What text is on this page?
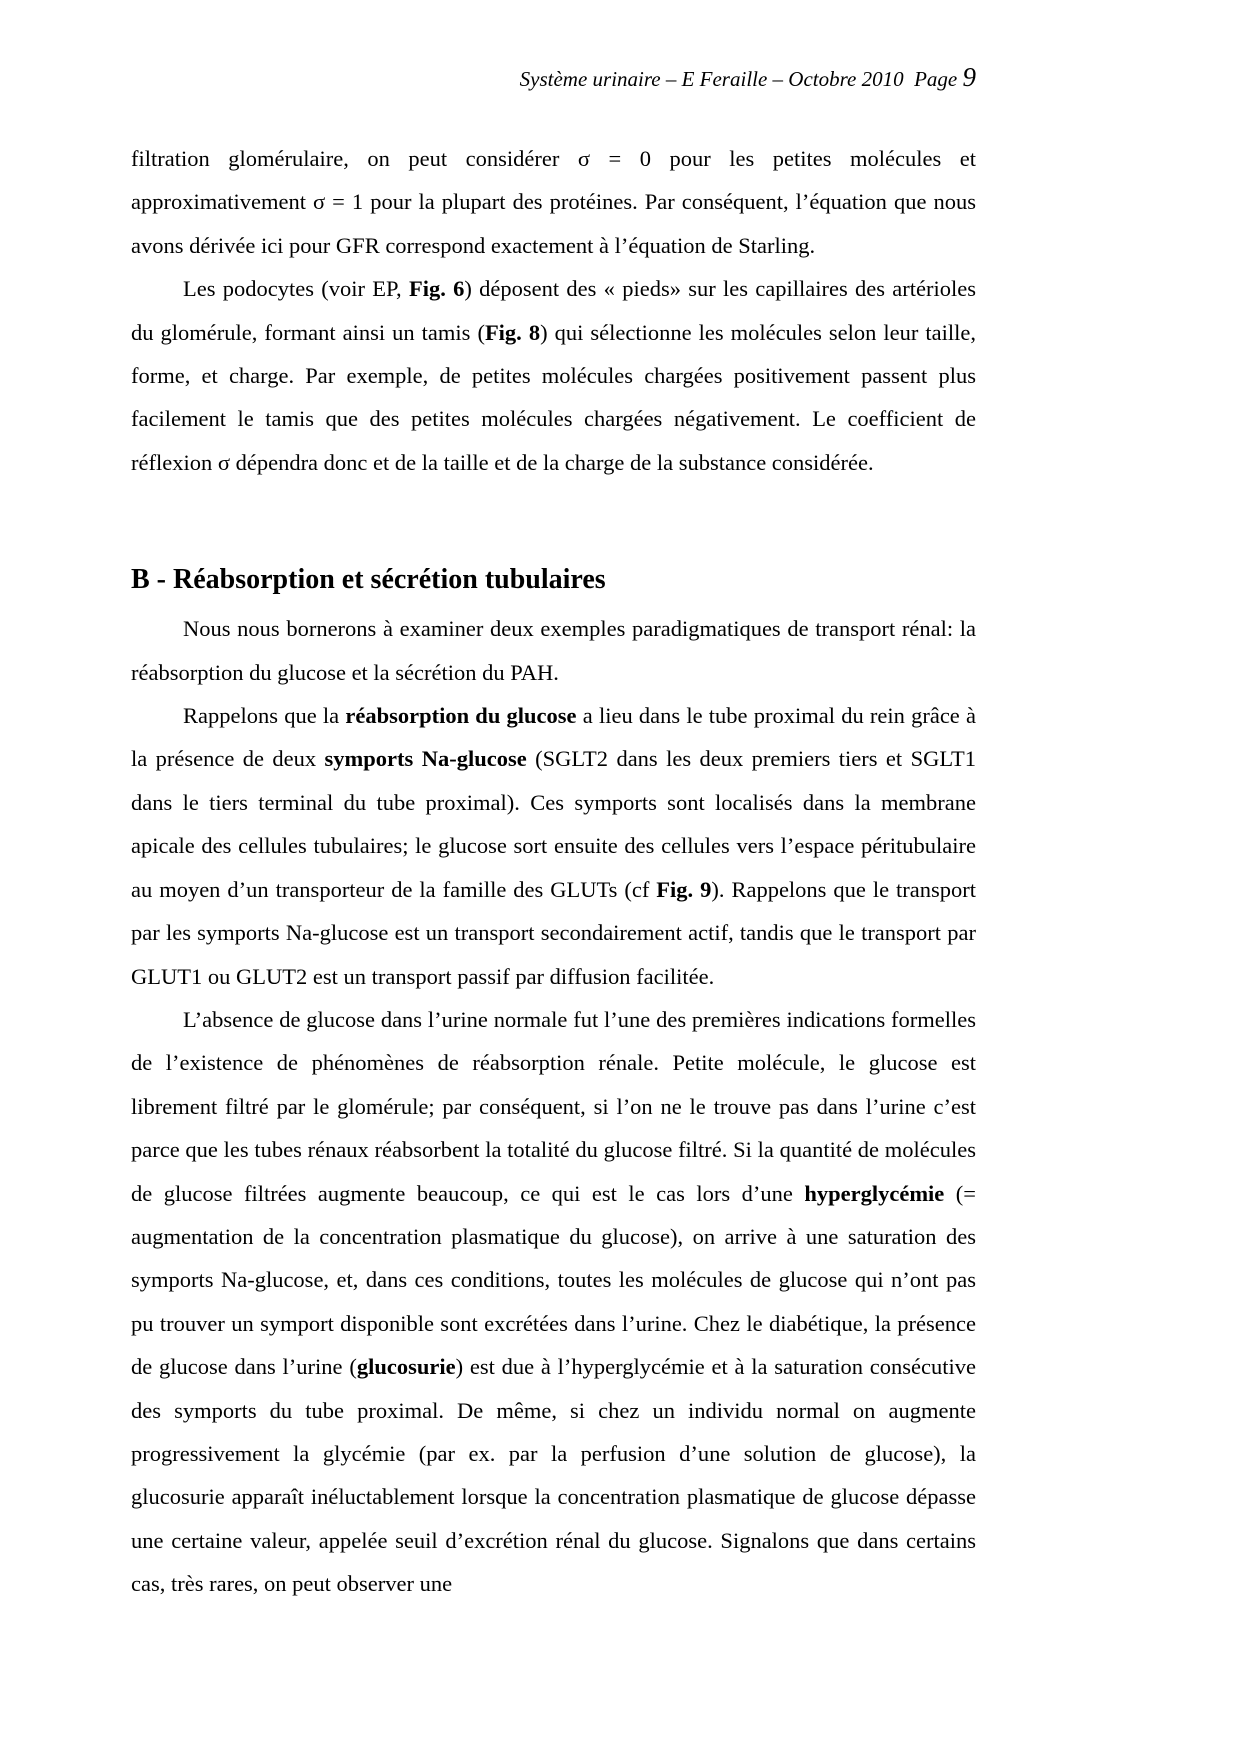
Système urinaire – E Feraille – Octobre 2010  Page 9

filtration glomérulaire, on peut considérer σ = 0 pour les petites molécules et approximativement σ = 1 pour la plupart des protéines. Par conséquent, l’équation que nous avons dérivée ici pour GFR correspond exactement à l’équation de Starling.

Les podocytes (voir EP, Fig. 6) déposent des « pieds» sur les capillaires des artérioles du glomérule, formant ainsi un tamis (Fig. 8) qui sélectionne les molécules selon leur taille, forme, et charge. Par exemple, de petites molécules chargées positivement passent plus facilement le tamis que des petites molécules chargées négativement. Le coefficient de réflexion σ dépendra donc et de la taille et de la charge de la substance considérée.

B - Réabsorption et sécrétion tubulaires

Nous nous bornerons à examiner deux exemples paradigmatiques de transport rénal: la réabsorption du glucose et la sécrétion du PAH.

Rappelons que la réabsorption du glucose a lieu dans le tube proximal du rein grâce à la présence de deux symports Na-glucose (SGLT2 dans les deux premiers tiers et SGLT1 dans le tiers terminal du tube proximal). Ces symports sont localisés dans la membrane apicale des cellules tubulaires; le glucose sort ensuite des cellules vers l’espace péritubulaire au moyen d’un transporteur de la famille des GLUTs (cf Fig. 9). Rappelons que le transport par les symports Na-glucose est un transport secondairement actif, tandis que le transport par GLUT1 ou GLUT2 est un transport passif par diffusion facilitée.

L’absence de glucose dans l’urine normale fut l’une des premières indications formelles de l’existence de phénomènes de réabsorption rénale. Petite molécule, le glucose est librement filtré par le glomérule; par conséquent, si l’on ne le trouve pas dans l’urine c’est parce que les tubes rénaux réabsorbent la totalité du glucose filtré. Si la quantité de molécules de glucose filtrées augmente beaucoup, ce qui est le cas lors d’une hyperglycémie (= augmentation de la concentration plasmatique du glucose), on arrive à une saturation des symports Na-glucose, et, dans ces conditions, toutes les molécules de glucose qui n’ont pas pu trouver un symport disponible sont excrétées dans l’urine. Chez le diabétique, la présence de glucose dans l’urine (glucosurie) est due à l’hyperglycémie et à la saturation consécutive des symports du tube proximal. De même, si chez un individu normal on augmente progressivement la glycémie (par ex. par la perfusion d’une solution de glucose), la glucosurie apparaît inéluctablement lorsque la concentration plasmatique de glucose dépasse une certaine valeur, appelée seuil d’excrétion rénal du glucose. Signalons que dans certains cas, très rares, on peut observer une
